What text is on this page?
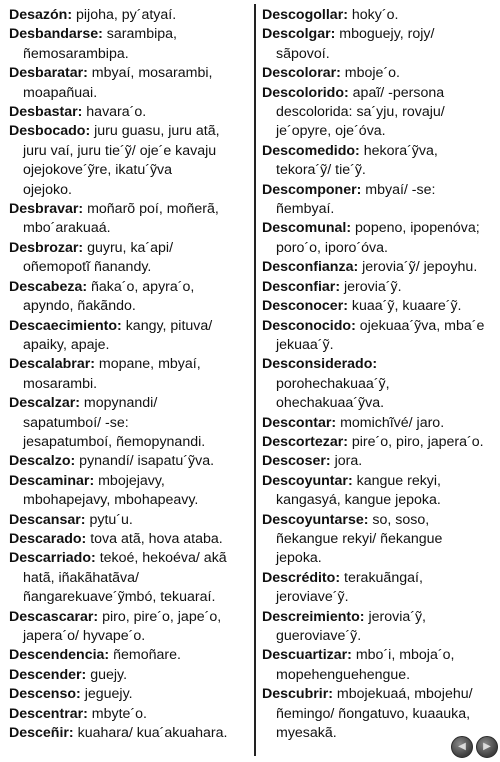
Desazón: pijoha, py´atyaí.

Desbandarse: sarambipa,
ñemosarambipa.

Desbaratar: mbyaí, mosarambi,
moapañuai.

Desbastar: havara´o.

Desbocado: juru guasu, juru atã,
juru vaí, juru tie´ỹ/ oje´e kavaju
ojejokove´ỹre, ikatu´ỹva
ojejoko.

Desbravar: moñarõ poí, moñerã,
mbo´arakuaá.

Desbrozar: guyru, ka´api/
oñemopotĩ ñanandy.

Descabeza: ñaka´o, apyra´o,
apyndo, ñakãndo.

Descaecimiento: kangy, pituva/
apaiky, apaje.

Descalabrar: mopane, mbyaí,
mosarambi.

Descalzar: mopynandi/
sapatumboí/ -se:
jesapatumboí, ñemopynandi.

Descalzo: pynandí/ isapatu´ỹva.

Descaminar: mbojejavy,
mbohapejavy, mbohapeavy.

Descansar: pytu´u.

Descarado: tova atã, hova ataba.

Descarriado: tekoé, hekoéva/ akã
hatã, iñakãhatãva/
ñangarekuave´ỹmbó, tekuaraí.

Descascarar: piro, pire´o, jape´o,
japera´o/ hyvape´o.

Descendencia: ñemoñare.

Descender: guejy.

Descenso: jeguejy.

Descentrar: mbyte´o.

Desceñir: kuahara/ kua´akuahara.

Descogollar: hoky´o.

Descolgar: mboguejy, rojy/
sãpovoí.

Descolorar: mboje´o.

Descolorido: apaĩ/ -persona
descolorida: sa´yju, rovaju/
je´opyre, oje´óva.

Descomedido: hekora´ỹva,
tekora´ỹ/ tie´ỹ.

Descomponer: mbyaí/ -se:
ñembyaí.

Descomunal: popeno, ipopenóva;
poro´o, iporo´óva.

Desconfianza: jerovia´ỹ/ jepoyhu.

Desconfiar: jerovia´ỹ.

Desconocer: kuaa´ỹ, kuaare´ỹ.

Desconocido: ojekuaa´ỹva, mba´e
jekuaa´ỹ.

Desconsiderado:
porohechakuaa´ỹ,
ohechakuaa´ỹva.

Descontar: momichĩvé/ jaro.

Descortezar: pire´o, piro, japera´o.

Descoser: jora.

Descoyuntar: kangue rekyi,
kangasyá, kangue jepoka.

Descoyuntarse: so, soso,
ñekangue rekyi/ ñekangue
jepoka.

Descrédito: terakuãngaí,
jeroviave´ỹ.

Descreimiento: jerovia´ỹ,
gueroviave´ỹ.

Descuartizar: mbo´i, mboja´o,
mopehenguehengue.

Descubrir: mbojekuaá, mbojehu/
ñemingo/ ñongatuvo, kuaauka,
myesakã.

◀	▶
